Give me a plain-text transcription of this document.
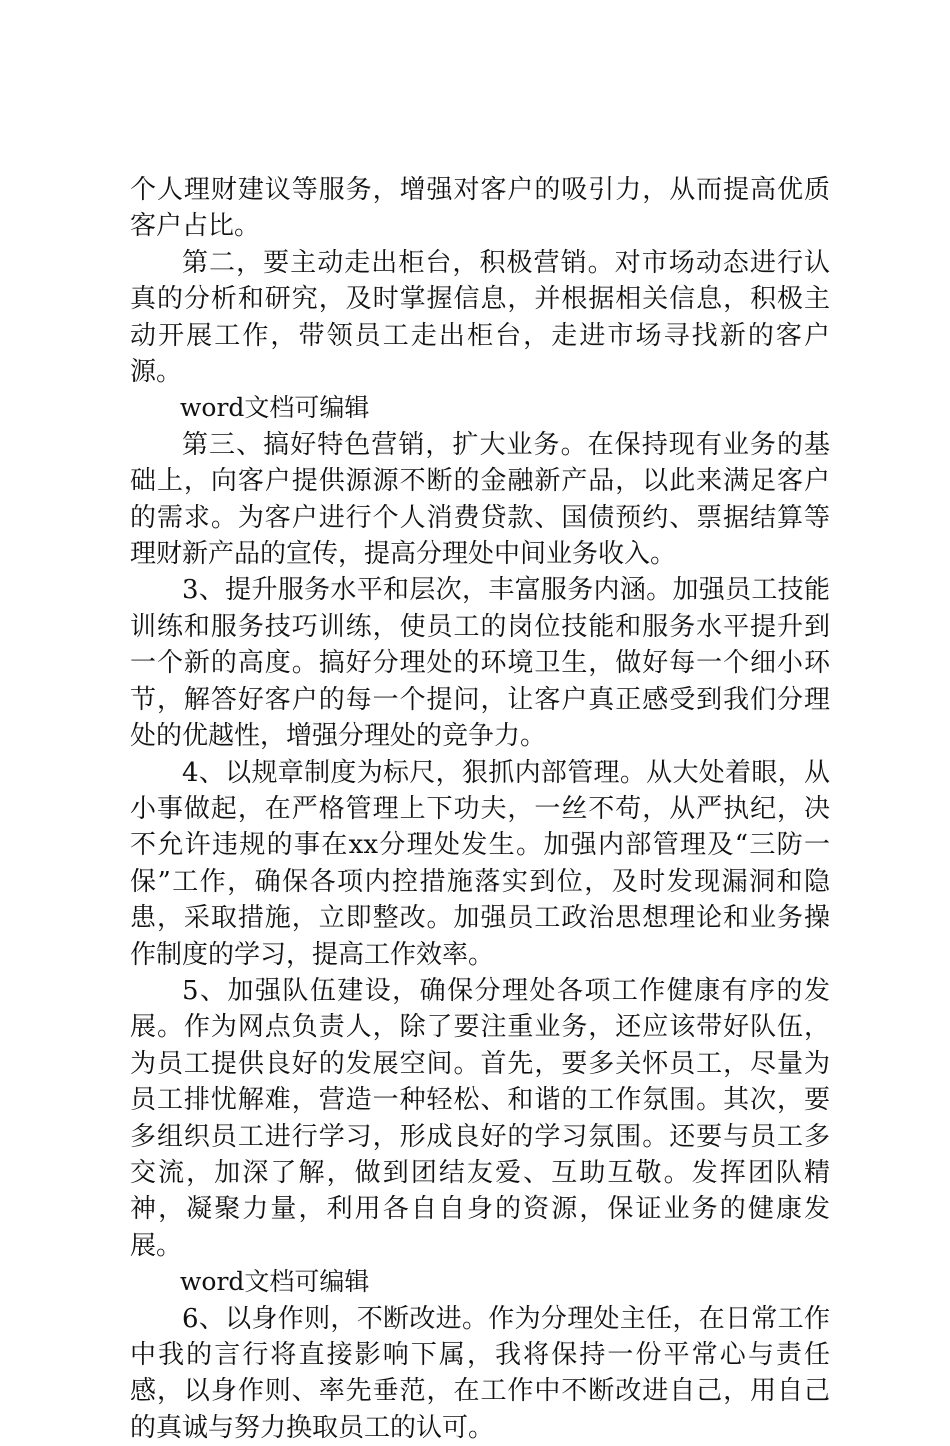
个人理财建议等服务，增强对客户的吸引力，从而提高优质客户占比。

第二，要主动走出柜台，积极营销。对市场动态进行认真的分析和研究，及时掌握信息，并根据相关信息，积极主动开展工作，带领员工走出柜台，走进市场寻找新的客户源。

word文档可编辑

第三、搞好特色营销，扩大业务。在保持现有业务的基础上，向客户提供源源不断的金融新产品，以此来满足客户的需求。为客户进行个人消费贷款、国债预约、票据结算等理财新产品的宣传，提高分理处中间业务收入。

3、提升服务水平和层次，丰富服务内涵。加强员工技能训练和服务技巧训练，使员工的岗位技能和服务水平提升到一个新的高度。搞好分理处的环境卫生，做好每一个细小环节，解答好客户的每一个提问，让客户真正感受到我们分理处的优越性，增强分理处的竞争力。

4、以规章制度为标尺，狠抓内部管理。从大处着眼，从小事做起，在严格管理上下功夫，一丝不苟，从严执纪，决不允许违规的事在xx分理处发生。加强内部管理及“三防一保”工作，确保各项内控措施落实到位，及时发现漏洞和隐患，采取措施，立即整改。加强员工政治思想理论和业务操作制度的学习，提高工作效率。

5、加强队伍建设，确保分理处各项工作健康有序的发展。作为网点负责人，除了要注重业务，还应该带好队伍，为员工提供良好的发展空间。首先，要多关怀员工，尽量为员工排忧解难，营造一种轻松、和谐的工作氛围。其次，要多组织员工进行学习，形成良好的学习氛围。还要与员工多交流，加深了解，做到团结友爱、互助互敬。发挥团队精神，凝聚力量，利用各自自身的资源，保证业务的健康发展。

word文档可编辑

6、以身作则，不断改进。作为分理处主任，在日常工作中我的言行将直接影响下属，我将保持一份平常心与责任感，以身作则、率先垂范，在工作中不断改进自己，用自己的真诚与努力换取员工的认可。
